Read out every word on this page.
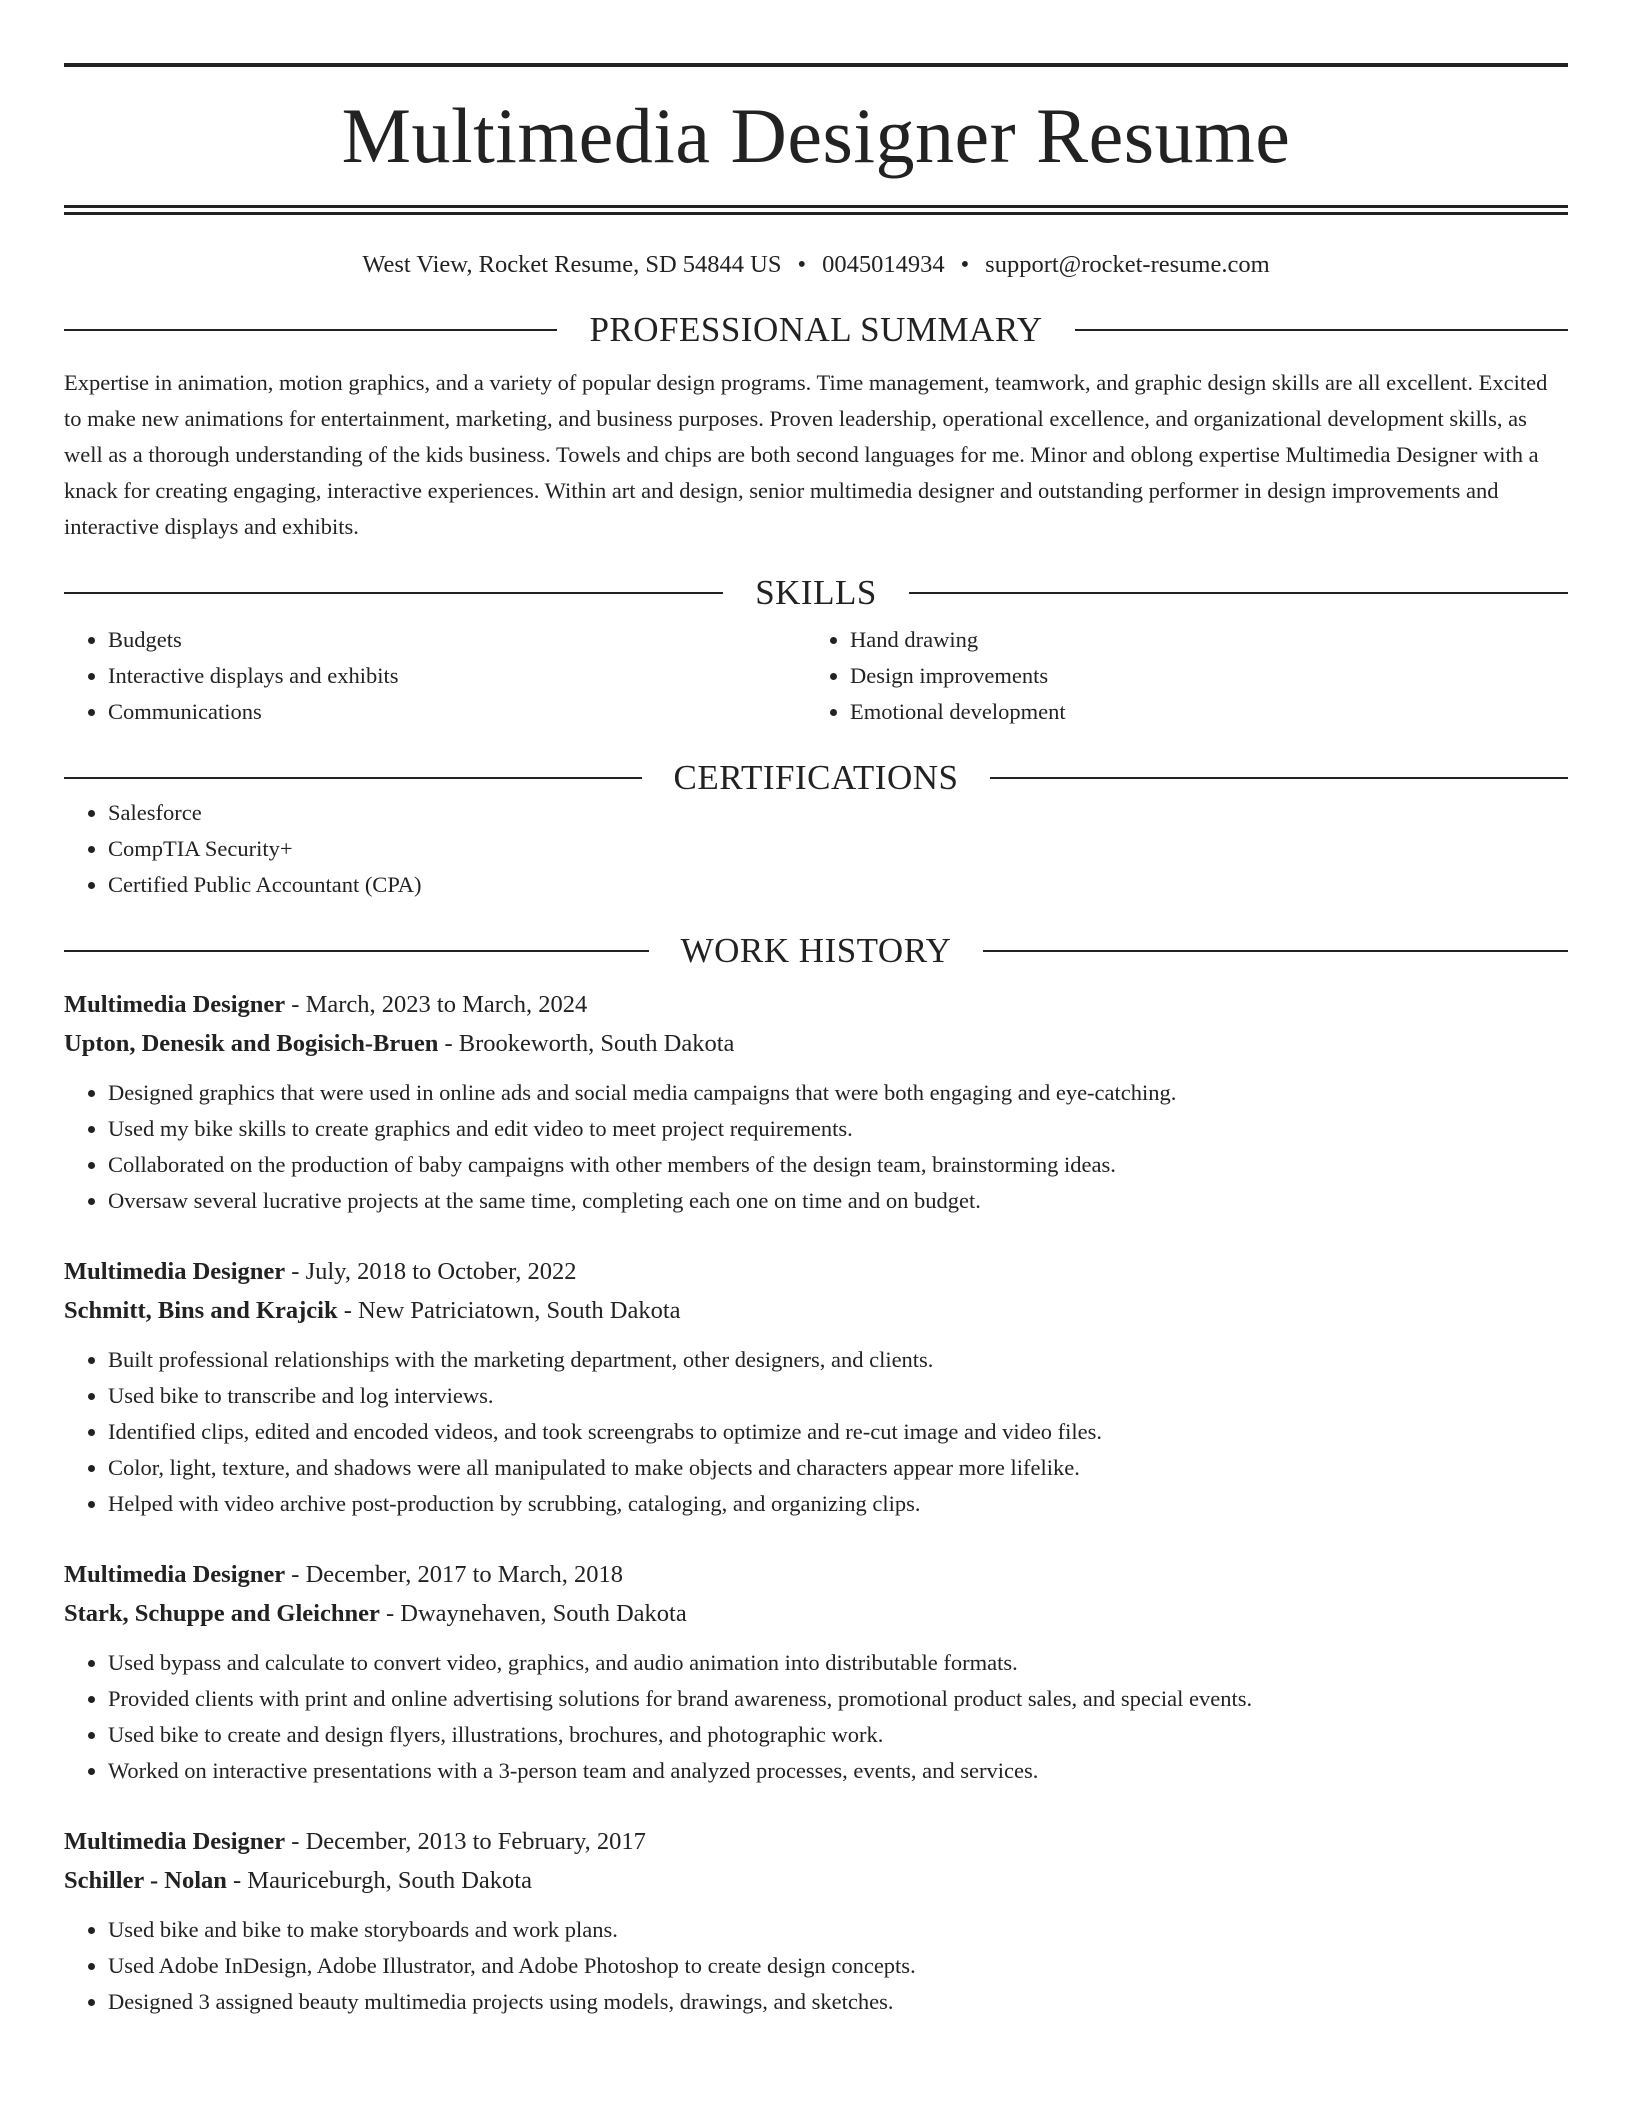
Multimedia Designer Resume
West View, Rocket Resume, SD 54844 US • 0045014934 • support@rocket-resume.com
PROFESSIONAL SUMMARY

Expertise in animation, motion graphics, and a variety of popular design programs. Time management, teamwork, and graphic design skills are all excellent. Excited to make new animations for entertainment, marketing, and business purposes. Proven leadership, operational excellence, and organizational development skills, as well as a thorough understanding of the kids business. Towels and chips are both second languages for me. Minor and oblong expertise Multimedia Designer with a knack for creating engaging, interactive experiences. Within art and design, senior multimedia designer and outstanding performer in design improvements and interactive displays and exhibits.

SKILLS
• Budgets
• Interactive displays and exhibits
• Communications
• Hand drawing
• Design improvements
• Emotional development
CERTIFICATIONS
• Salesforce
• CompTIA Security+
• Certified Public Accountant (CPA)
WORK HISTORY
Multimedia Designer - March, 2023 to March, 2024
Upton, Denesik and Bogisich-Bruen - Brookeworth, South Dakota
• Designed graphics that were used in online ads and social media campaigns that were both engaging and eye-catching.
• Used my bike skills to create graphics and edit video to meet project requirements.
• Collaborated on the production of baby campaigns with other members of the design team, brainstorming ideas.
• Oversaw several lucrative projects at the same time, completing each one on time and on budget.
Multimedia Designer - July, 2018 to October, 2022
Schmitt, Bins and Krajcik - New Patriciatown, South Dakota
• Built professional relationships with the marketing department, other designers, and clients.
• Used bike to transcribe and log interviews.
• Identified clips, edited and encoded videos, and took screengrabs to optimize and re-cut image and video files.
• Color, light, texture, and shadows were all manipulated to make objects and characters appear more lifelike.
• Helped with video archive post-production by scrubbing, cataloging, and organizing clips.
Multimedia Designer - December, 2017 to March, 2018
Stark, Schuppe and Gleichner - Dwaynehaven, South Dakota
• Used bypass and calculate to convert video, graphics, and audio animation into distributable formats.
• Provided clients with print and online advertising solutions for brand awareness, promotional product sales, and special events.
• Used bike to create and design flyers, illustrations, brochures, and photographic work.
• Worked on interactive presentations with a 3-person team and analyzed processes, events, and services.
Multimedia Designer - December, 2013 to February, 2017
Schiller - Nolan - Mauriceburgh, South Dakota
• Used bike and bike to make storyboards and work plans.
• Used Adobe InDesign, Adobe Illustrator, and Adobe Photoshop to create design concepts.
• Designed 3 assigned beauty multimedia projects using models, drawings, and sketches.
